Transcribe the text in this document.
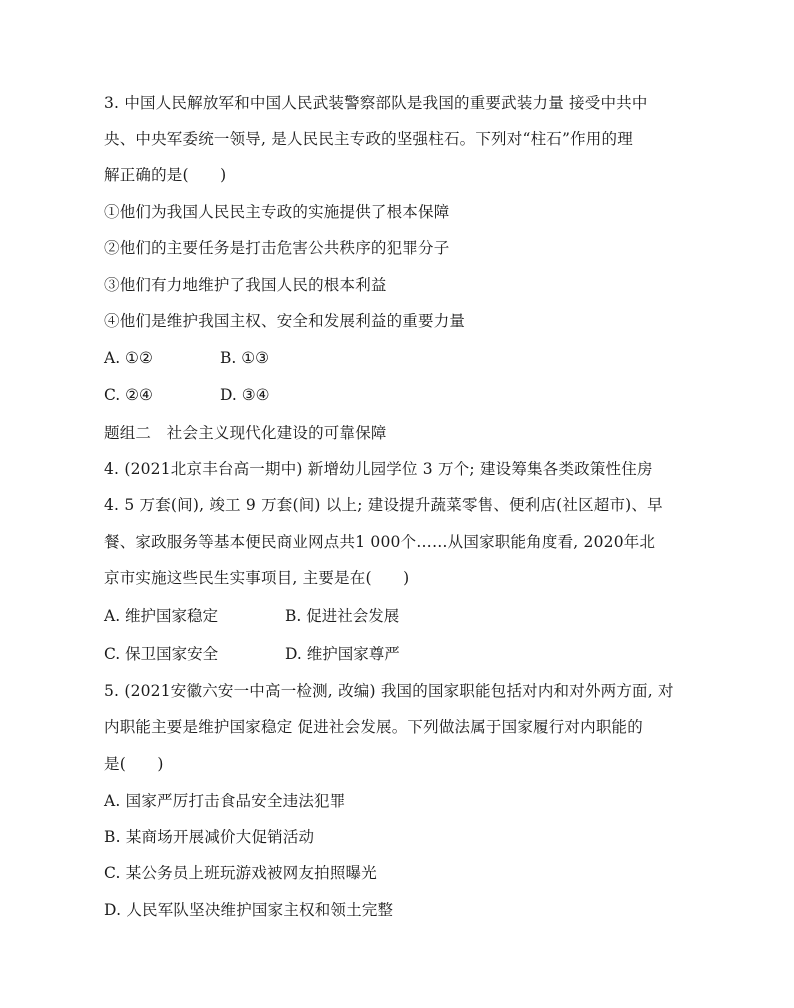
3. 中国人民解放军和中国人民武装警察部队是我国的重要武装力量 接受中共中
央、中央军委统一领导, 是人民民主专政的坚强柱石。下列对“柱石”作用的理
解正确的是(　　)
①他们为我国人民民主专政的实施提供了根本保障
②他们的主要任务是打击危害公共秩序的犯罪分子
③他们有力地维护了我国人民的根本利益
④他们是维护我国主权、安全和发展利益的重要力量
A. ①②	B. ①③
C. ②④	D. ③④
题组二　社会主义现代化建设的可靠保障
4. (2021北京丰台高一期中) 新增幼儿园学位 3 万个; 建设筹集各类政策性住房
4. 5 万套(间), 竣工 9 万套(间) 以上; 建设提升蔬菜零售、便利店(社区超市)、早
餐、家政服务等基本便民商业网点共1 000个……从国家职能角度看, 2020年北
京市实施这些民生实事项目, 主要是在(　　)
A. 维护国家稳定	B. 促进社会发展
C. 保卫国家安全	D. 维护国家尊严
5. (2021安徽六安一中高一检测, 改编) 我国的国家职能包括对内和对外两方面, 对
内职能主要是维护国家稳定 促进社会发展。下列做法属于国家履行对内职能的
是(　　)
A. 国家严厉打击食品安全违法犯罪
B. 某商场开展减价大促销活动
C. 某公务员上班玩游戏被网友拍照曝光
D. 人民军队坚决维护国家主权和领土完整
